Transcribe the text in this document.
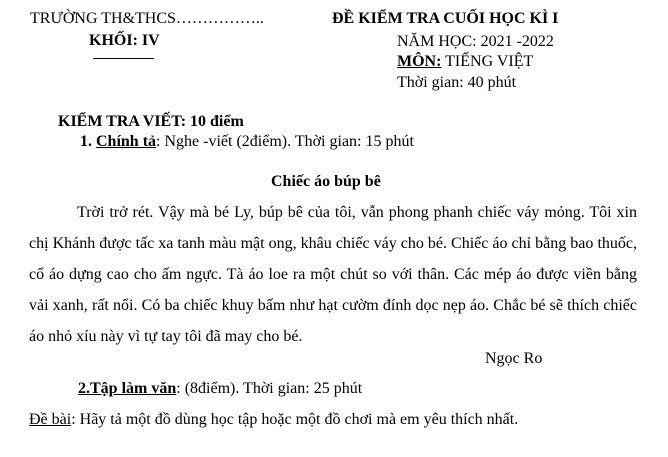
TRƯỜNG TH&THCS……………..
KHỐI: IV
ĐỀ KIỂM TRA CUỐI HỌC KÌ I
NĂM HỌC: 2021 -2022
MÔN: TIẾNG VIỆT
Thời gian: 40 phút
KIỂM TRA VIẾT: 10 điểm
1. Chính tả: Nghe -viết (2điểm). Thời gian: 15 phút
Chiếc áo búp bê
Trời trở rét. Vậy mà bé Ly, búp bê của tôi, vẫn phong phanh chiếc váy mỏng. Tôi xin chị Khánh được tấc xa tanh màu mật ong, khâu chiếc váy cho bé. Chiếc áo chỉ bằng bao thuốc, cổ áo dựng cao cho ấm ngực. Tà áo loe ra một chút so với thân. Các mép áo được viền bằng vải xanh, rất nổi. Có ba chiếc khuy bấm như hạt cườm đính dọc nẹp áo. Chắc bé sẽ thích chiếc áo nhỏ xíu này vì tự tay tôi đã may cho bé.
Ngọc Ro
2.Tập làm văn: (8điểm). Thời gian: 25 phút
Đề bài: Hãy tả một đồ dùng học tập hoặc một đồ chơi mà em yêu thích nhất.
